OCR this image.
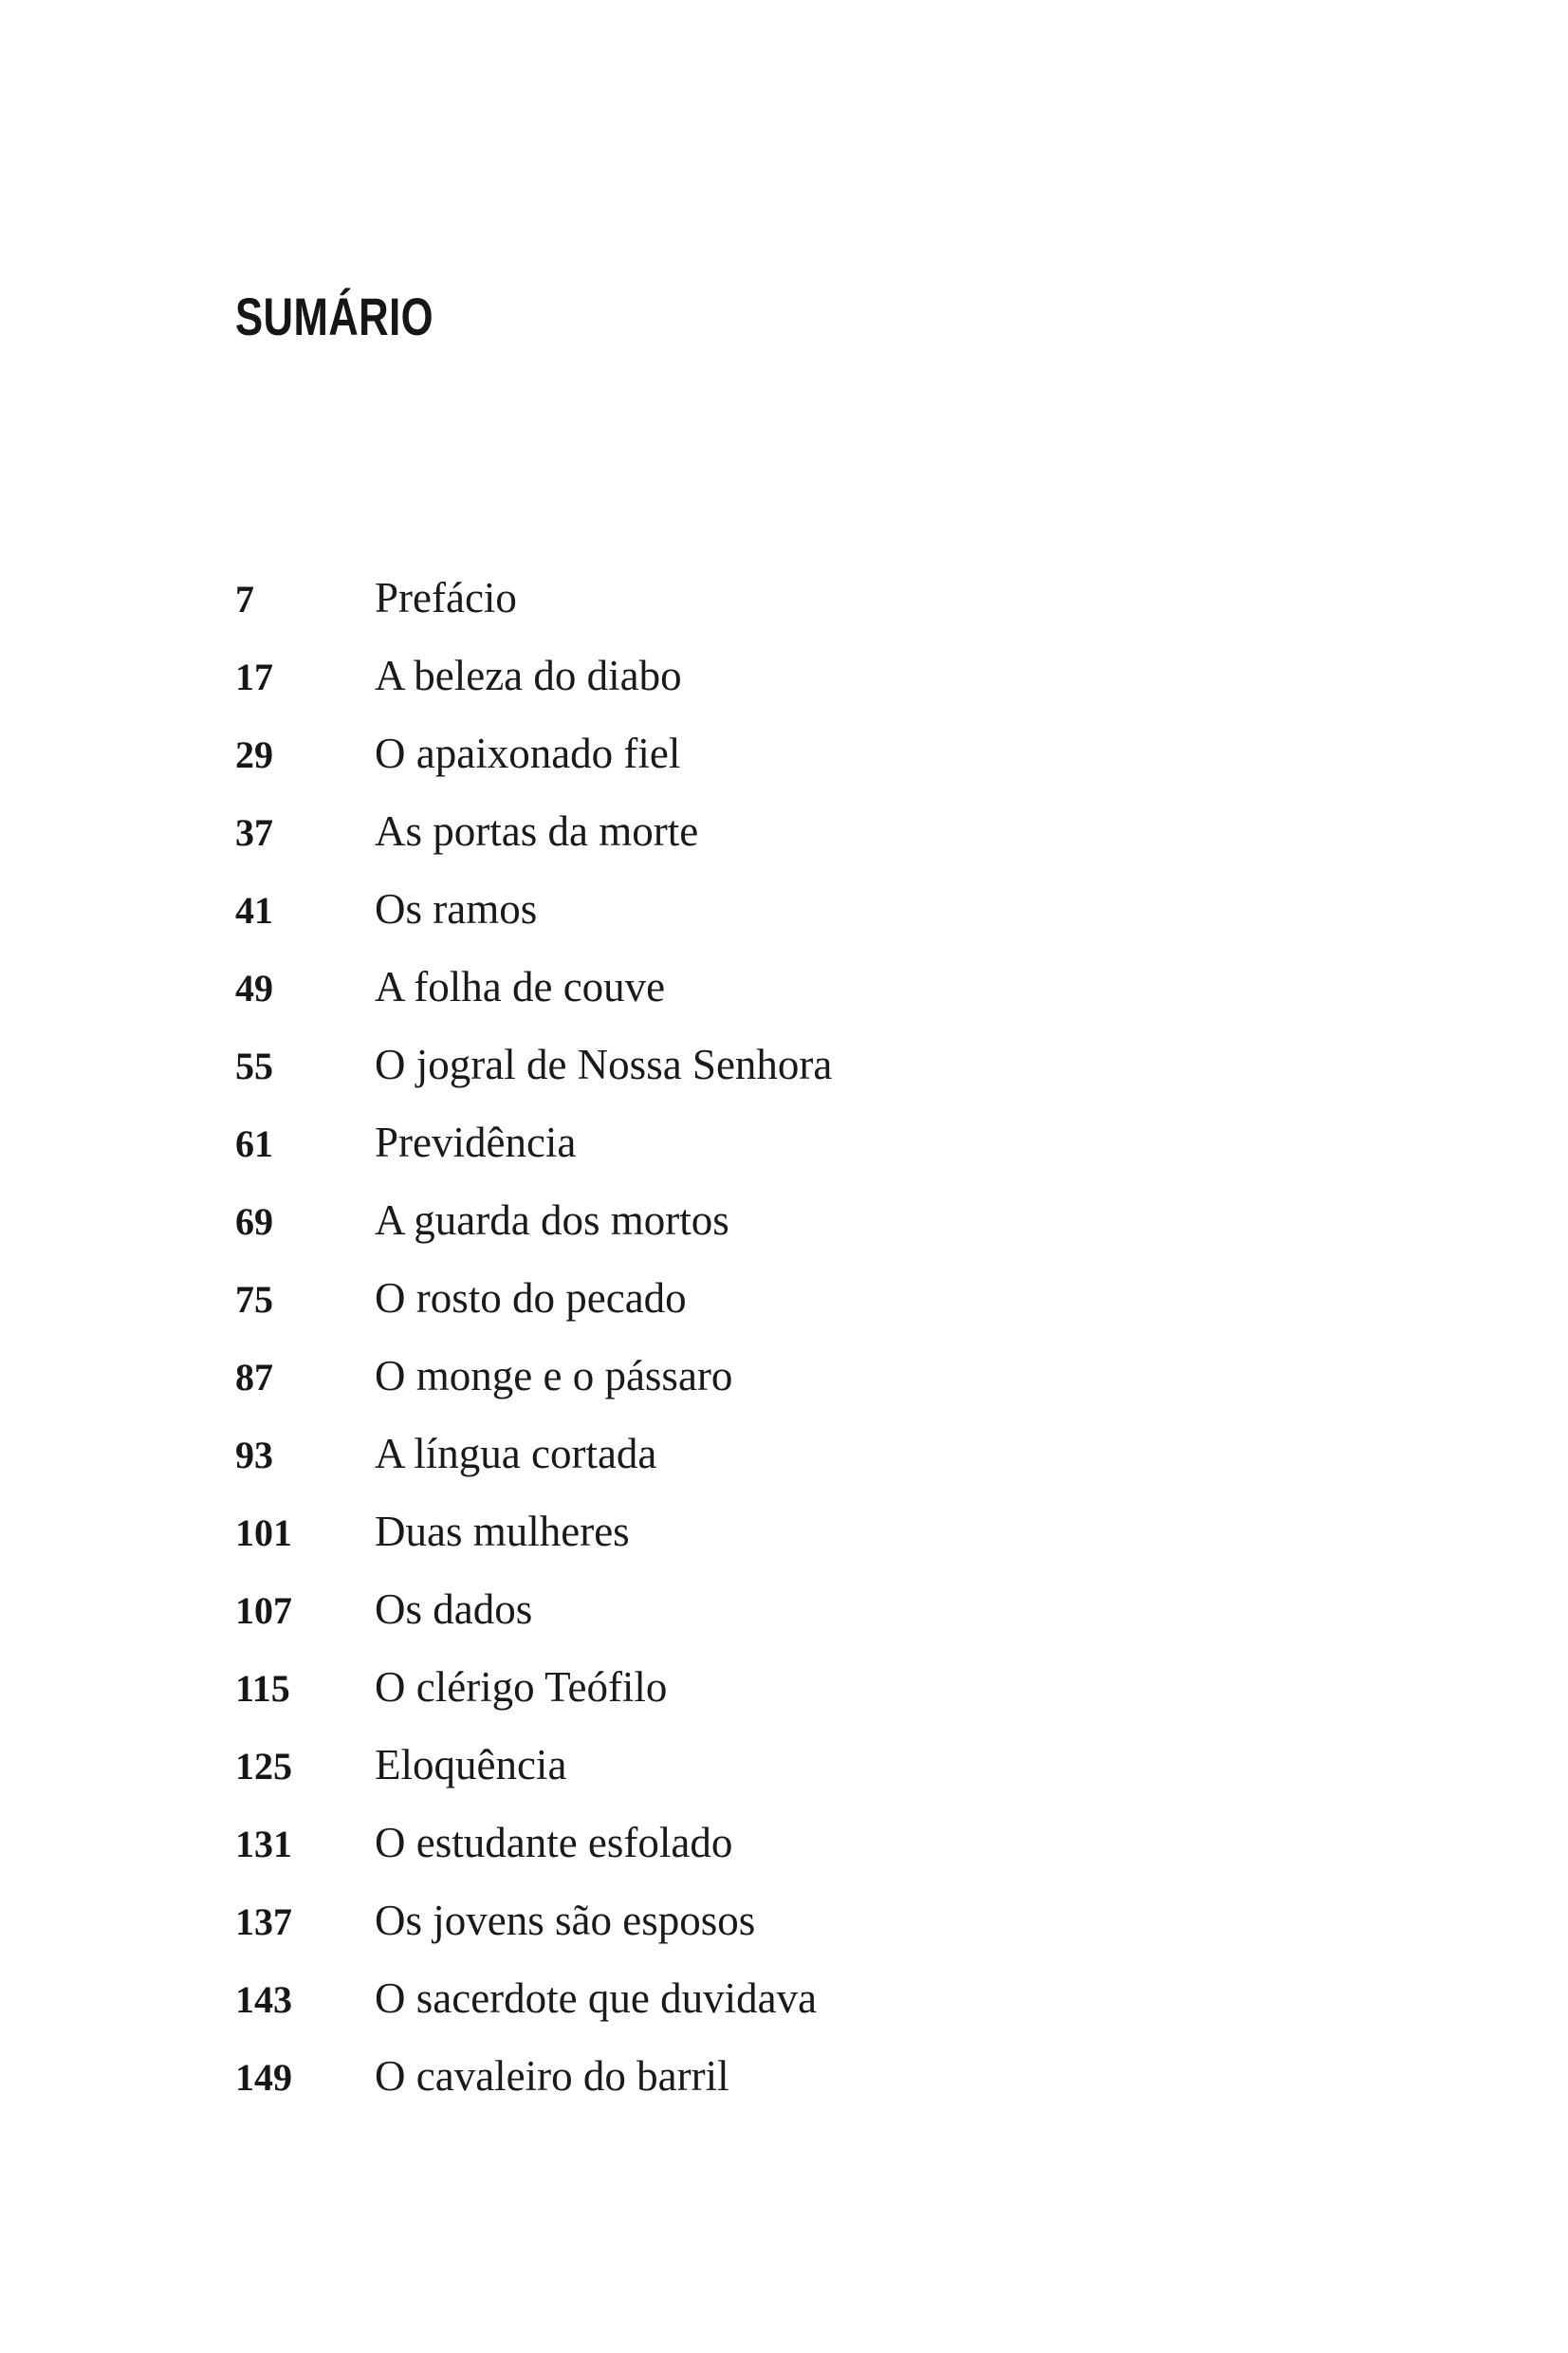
SUMÁRIO
7	Prefácio
17	A beleza do diabo
29	O apaixonado fiel
37	As portas da morte
41	Os ramos
49	A folha de couve
55	O jogral de Nossa Senhora
61	Previdência
69	A guarda dos mortos
75	O rosto do pecado
87	O monge e o pássaro
93	A língua cortada
101	Duas mulheres
107	Os dados
115	O clérigo Teófilo
125	Eloquência
131	O estudante esfolado
137	Os jovens são esposos
143	O sacerdote que duvidava
149	O cavaleiro do barril
